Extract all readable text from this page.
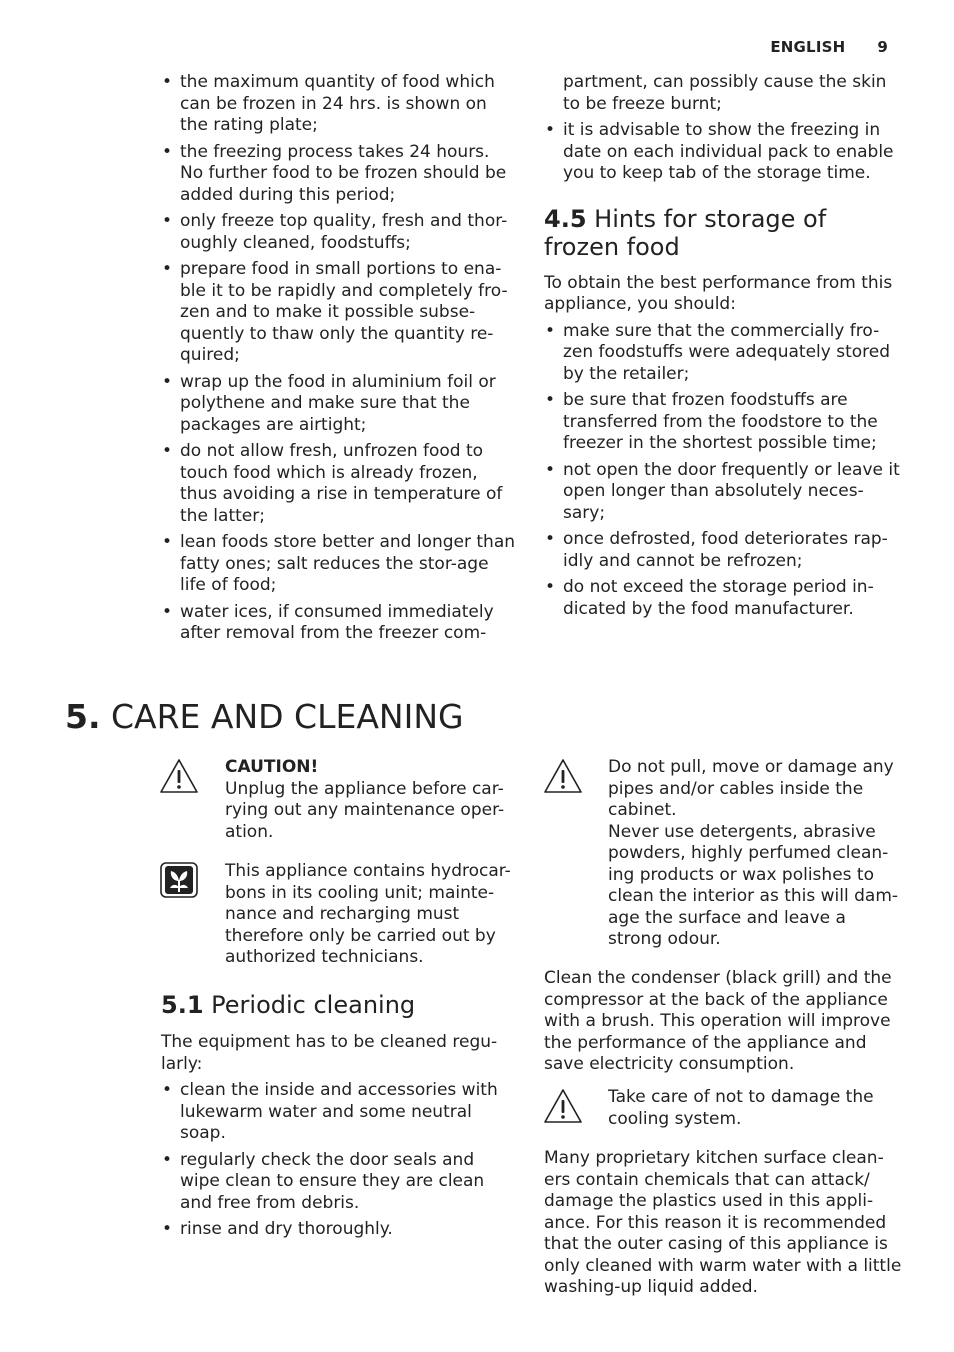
ENGLISH 9
• the maximum quantity of food which can be frozen in 24 hrs. is shown on the rating plate;
• the freezing process takes 24 hours. No further food to be frozen should be added during this period;
• only freeze top quality, fresh and thor-oughly cleaned, foodstuffs;
• prepare food in small portions to ena-ble it to be rapidly and completely fro-zen and to make it possible subse-quently to thaw only the quantity re-quired;
• wrap up the food in aluminium foil or polythene and make sure that the packages are airtight;
• do not allow fresh, unfrozen food to touch food which is already frozen, thus avoiding a rise in temperature of the latter;
• lean foods store better and longer than fatty ones; salt reduces the stor-age life of food;
• water ices, if consumed immediately after removal from the freezer com-

partment, can possibly cause the skin to be freeze burnt;

• it is advisable to show the freezing in date on each individual pack to enable you to keep tab of the storage time.
4.5 Hints for storage of frozen food

To obtain the best performance from this appliance, you should:

• make sure that the commercially fro-zen foodstuffs were adequately stored by the retailer;
• be sure that frozen foodstuffs are transferred from the foodstore to the freezer in the shortest possible time;
• not open the door frequently or leave it open longer than absolutely neces-sary;
• once defrosted, food deteriorates rap-idly and cannot be refrozen;
• do not exceed the storage period in-dicated by the food manufacturer.
5. CARE AND CLEANING
CAUTION!

Unplug the appliance before car-rying out any maintenance oper-ation.

This appliance contains hydrocar-bons in its cooling unit; mainte-nance and recharging must therefore only be carried out by authorized technicians.

5.1 Periodic cleaning

The equipment has to be cleaned regu-larly:

• clean the inside and accessories with lukewarm water and some neutral soap.
• regularly check the door seals and wipe clean to ensure they are clean and free from debris.
• rinse and dry thoroughly.

Do not pull, move or damage any pipes and/or cables inside the cabinet.

Never use detergents, abrasive powders, highly perfumed clean-ing products or wax polishes to clean the interior as this will dam-age the surface and leave a strong odour.

Clean the condenser (black grill) and the compressor at the back of the appliance with a brush. This operation will improve the performance of the appliance and save electricity consumption.

Take care of not to damage the cooling system.

Many proprietary kitchen surface clean-ers contain chemicals that can attack/ damage the plastics used in this appli-ance. For this reason it is recommended that the outer casing of this appliance is only cleaned with warm water with a little washing-up liquid added.
